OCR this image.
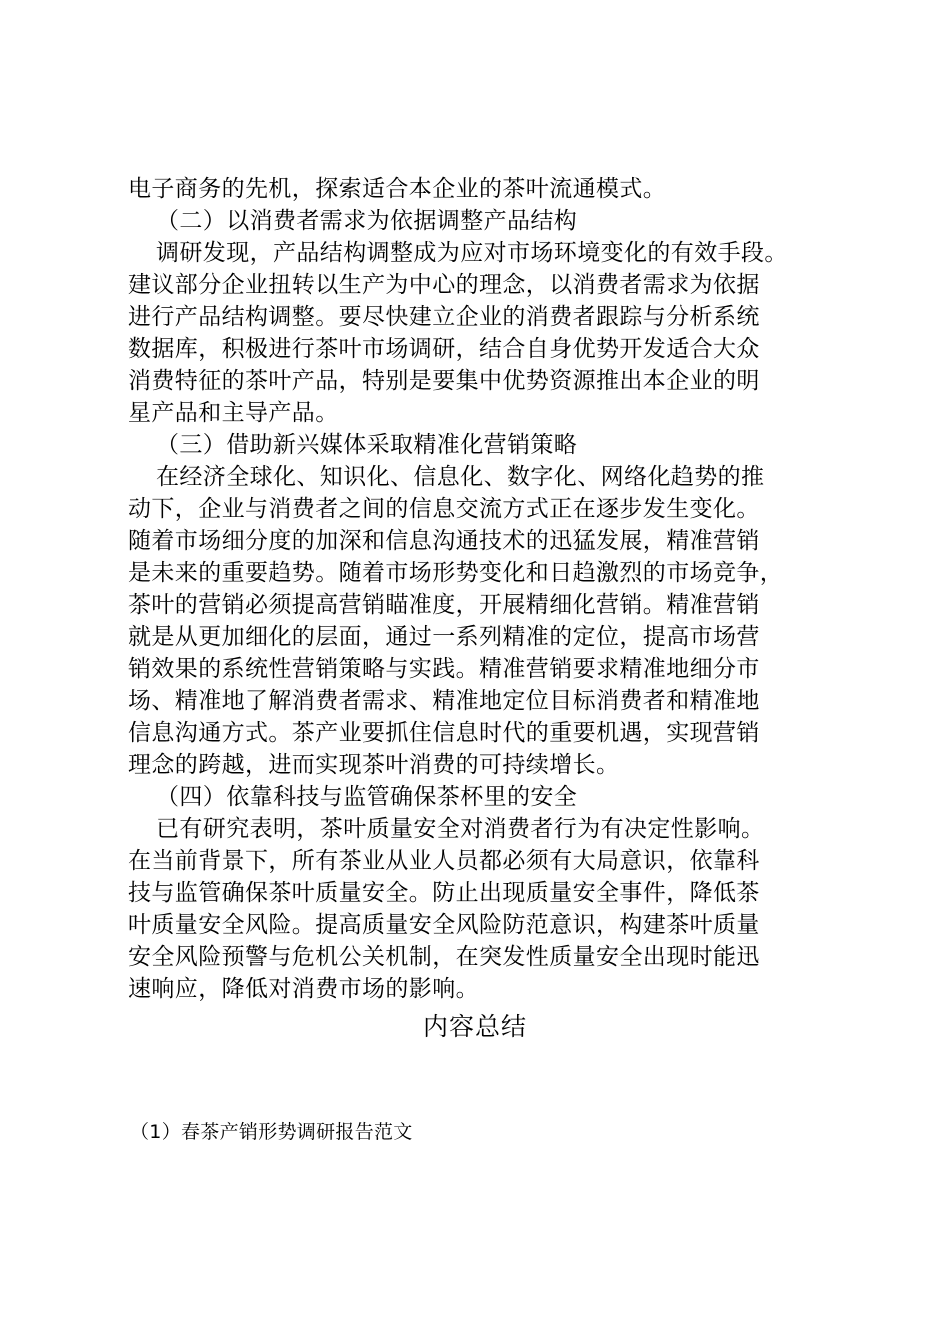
电子商务的先机，探索适合本企业的茶叶流通模式。
（二）以消费者需求为依据调整产品结构
调研发现，产品结构调整成为应对市场环境变化的有效手段。
建议部分企业扭转以生产为中心的理念，以消费者需求为依据
进行产品结构调整。要尽快建立企业的消费者跟踪与分析系统
数据库，积极进行茶叶市场调研，结合自身优势开发适合大众
消费特征的茶叶产品，特别是要集中优势资源推出本企业的明
星产品和主导产品。
（三）借助新兴媒体采取精准化营销策略
在经济全球化、知识化、信息化、数字化、网络化趋势的推
动下，企业与消费者之间的信息交流方式正在逐步发生变化。
随着市场细分度的加深和信息沟通技术的迅猛发展，精准营销
是未来的重要趋势。随着市场形势变化和日趋激烈的市场竞争，
茶叶的营销必须提高营销瞄准度，开展精细化营销。精准营销
就是从更加细化的层面，通过一系列精准的定位，提高市场营
销效果的系统性营销策略与实践。精准营销要求精准地细分市
场、精准地了解消费者需求、精准地定位目标消费者和精准地
信息沟通方式。茶产业要抓住信息时代的重要机遇，实现营销
理念的跨越，进而实现茶叶消费的可持续增长。
（四）依靠科技与监管确保茶杯里的安全
已有研究表明，茶叶质量安全对消费者行为有决定性影响。
在当前背景下，所有茶业从业人员都必须有大局意识，依靠科
技与监管确保茶叶质量安全。防止出现质量安全事件，降低茶
叶质量安全风险。提高质量安全风险防范意识，构建茶叶质量
安全风险预警与危机公关机制，在突发性质量安全出现时能迅
速响应，降低对消费市场的影响。
内容总结
（1）春茶产销形势调研报告范文
